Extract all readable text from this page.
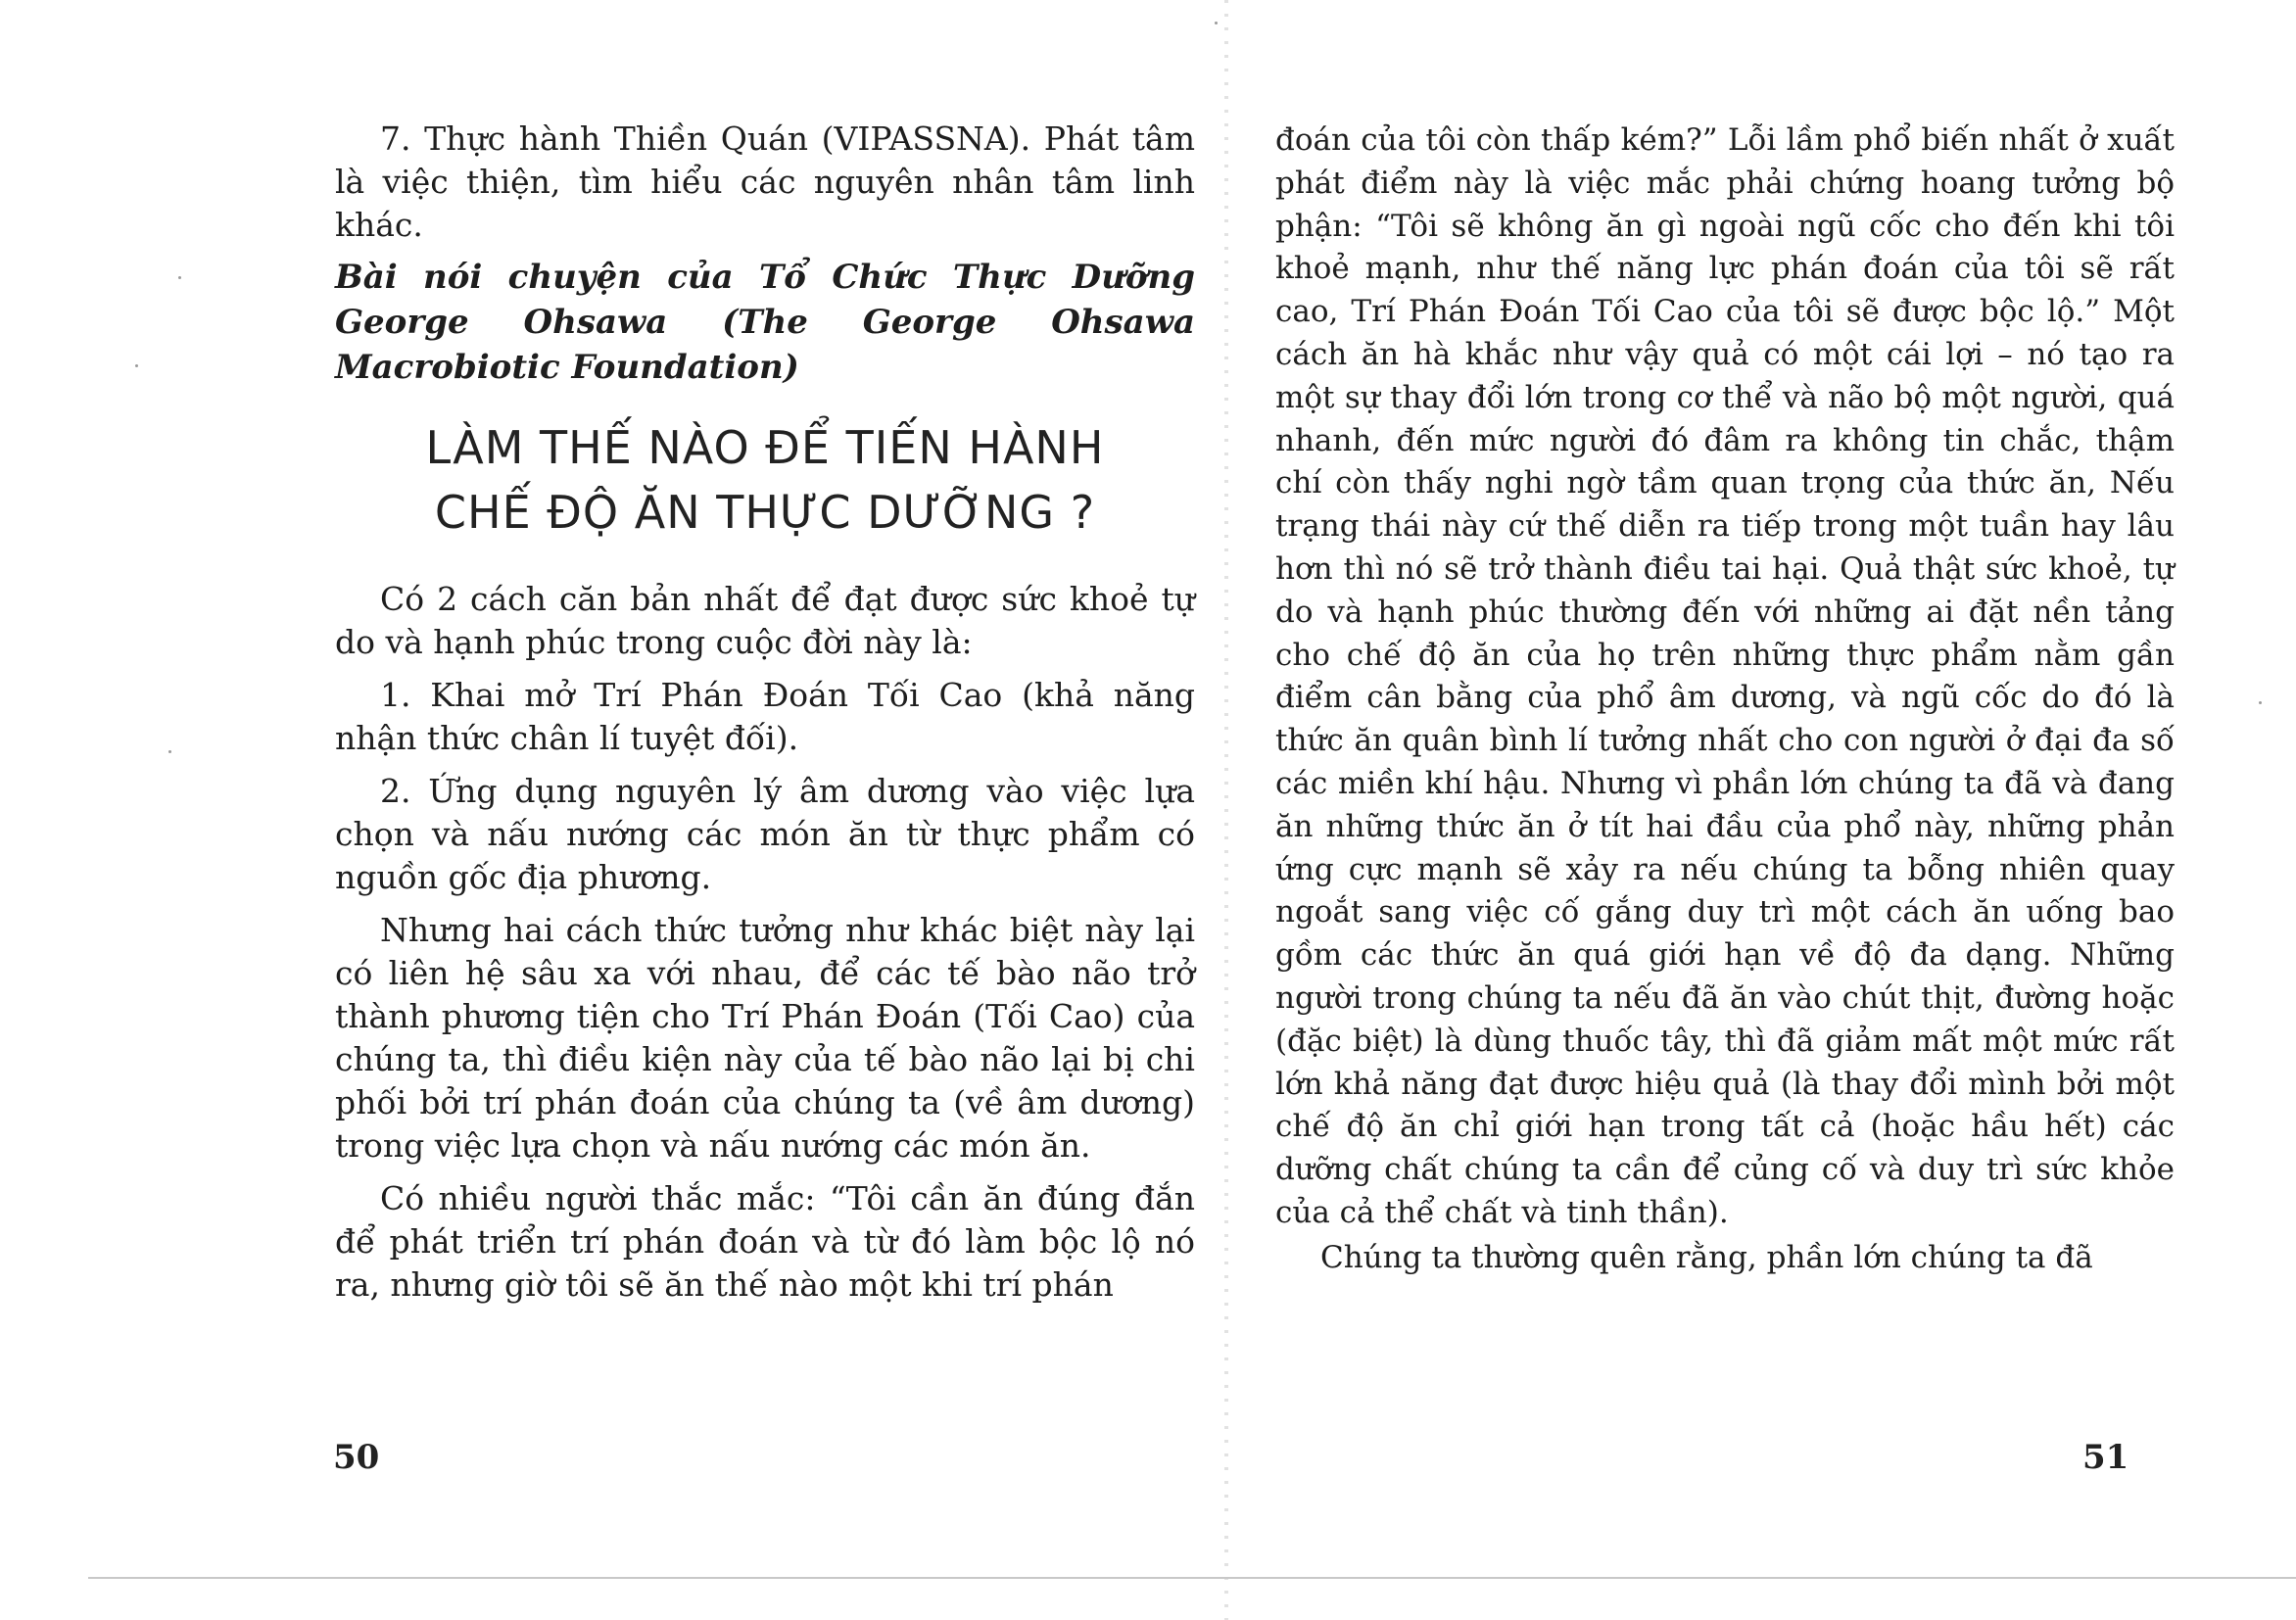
7. Thực hành Thiền Quán (VIPASSNA). Phát tâm là việc thiện, tìm hiểu các nguyên nhân tâm linh khác.

Bài nói chuyện của Tổ Chức Thực Dưỡng George Ohsawa (The George Ohsawa Macrobiotic Foundation)
LÀM THẾ NÀO ĐỂ TIẾN HÀNH
CHẾ ĐỘ ĂN THỰC DƯỠNG ?

Có 2 cách căn bản nhất để đạt được sức khoẻ tự do và hạnh phúc trong cuộc đời này là:

1. Khai mở Trí Phán Đoán Tối Cao (khả năng nhận thức chân lí tuyệt đối).

2. Ứng dụng nguyên lý âm dương vào việc lựa chọn và nấu nướng các món ăn từ thực phẩm có nguồn gốc địa phương.

Nhưng hai cách thức tưởng như khác biệt này lại có liên hệ sâu xa với nhau, để các tế bào não trở thành phương tiện cho Trí Phán Đoán (Tối Cao) của chúng ta, thì điều kiện này của tế bào não lại bị chi phối bởi trí phán đoán của chúng ta (về âm dương) trong việc lựa chọn và nấu nướng các món ăn.

Có nhiều người thắc mắc: “Tôi cần ăn đúng đắn để phát triển trí phán đoán và từ đó làm bộc lộ nó ra, nhưng giờ tôi sẽ ăn thế nào một khi trí phán

50

đoán của tôi còn thấp kém?” Lỗi lầm phổ biến nhất ở xuất phát điểm này là việc mắc phải chứng hoang tưởng bộ phận: “Tôi sẽ không ăn gì ngoài ngũ cốc cho đến khi tôi khoẻ mạnh, như thế năng lực phán đoán của tôi sẽ rất cao, Trí Phán Đoán Tối Cao của tôi sẽ được bộc lộ.” Một cách ăn hà khắc như vậy quả có một cái lợi – nó tạo ra một sự thay đổi lớn trong cơ thể và não bộ một người, quá nhanh, đến mức người đó đâm ra không tin chắc, thậm chí còn thấy nghi ngờ tầm quan trọng của thức ăn, Nếu trạng thái này cứ thế diễn ra tiếp trong một tuần hay lâu hơn thì nó sẽ trở thành điều tai hại. Quả thật sức khoẻ, tự do và hạnh phúc thường đến với những ai đặt nền tảng cho chế độ ăn của họ trên những thực phẩm nằm gần điểm cân bằng của phổ âm dương, và ngũ cốc do đó là thức ăn quân bình lí tưởng nhất cho con người ở đại đa số các miền khí hậu. Nhưng vì phần lớn chúng ta đã và đang ăn những thức ăn ở tít hai đầu của phổ này, những phản ứng cực mạnh sẽ xảy ra nếu chúng ta bỗng nhiên quay ngoắt sang việc cố gắng duy trì một cách ăn uống bao gồm các thức ăn quá giới hạn về độ đa dạng. Những người trong chúng ta nếu đã ăn vào chút thịt, đường hoặc (đặc biệt) là dùng thuốc tây, thì đã giảm mất một mức rất lớn khả năng đạt được hiệu quả (là thay đổi mình bởi một chế độ ăn chỉ giới hạn trong tất cả (hoặc hầu hết) các dưỡng chất chúng ta cần để củng cố và duy trì sức khỏe của cả thể chất và tinh thần).

Chúng ta thường quên rằng, phần lớn chúng ta đã

51
